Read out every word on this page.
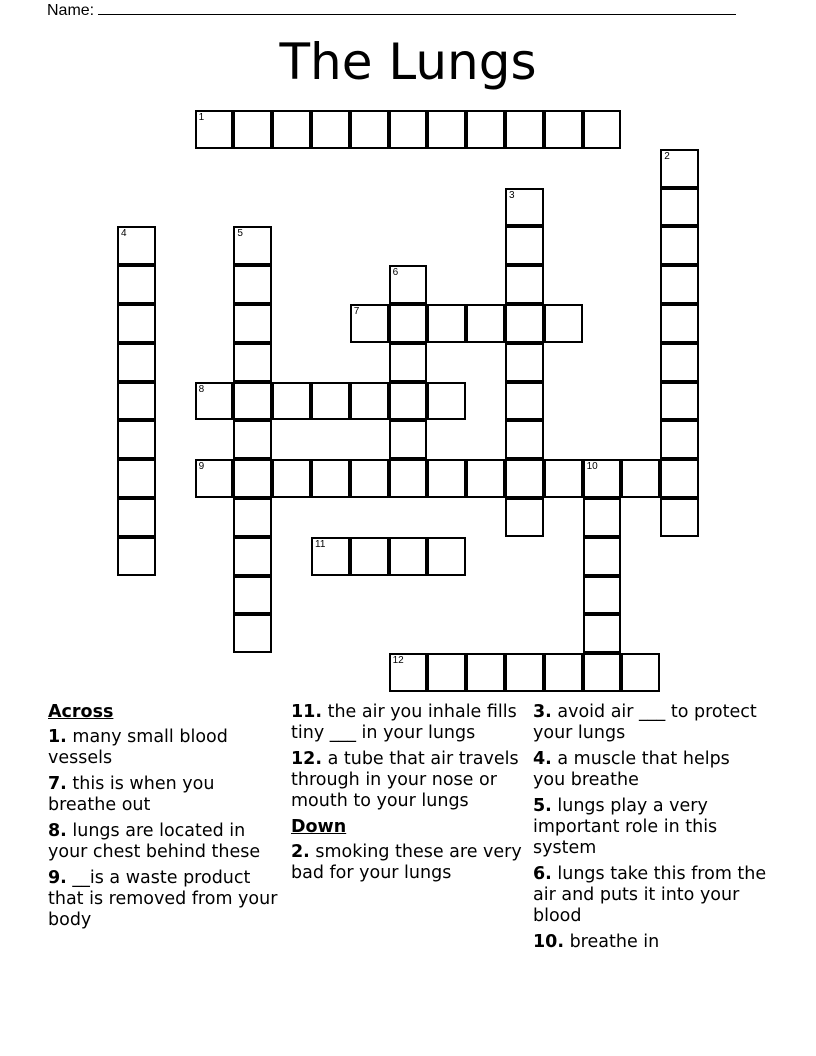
Name:
The Lungs
1
2
3
4	5
6
7
8
9	10
11
12
Across
1. many small blood vessels
7. this is when you breathe out
8. lungs are located in your chest behind these
9. __is a waste product that is removed from your body
11. the air you inhale fills tiny ___ in your lungs
12. a tube that air travels through in your nose or mouth to your lungs
Down
2. smoking these are very bad for your lungs
3. avoid air ___ to protect your lungs
4. a muscle that helps you breathe
5. lungs play a very important role in this system
6. lungs take this from the air and puts it into your blood
10. breathe in
